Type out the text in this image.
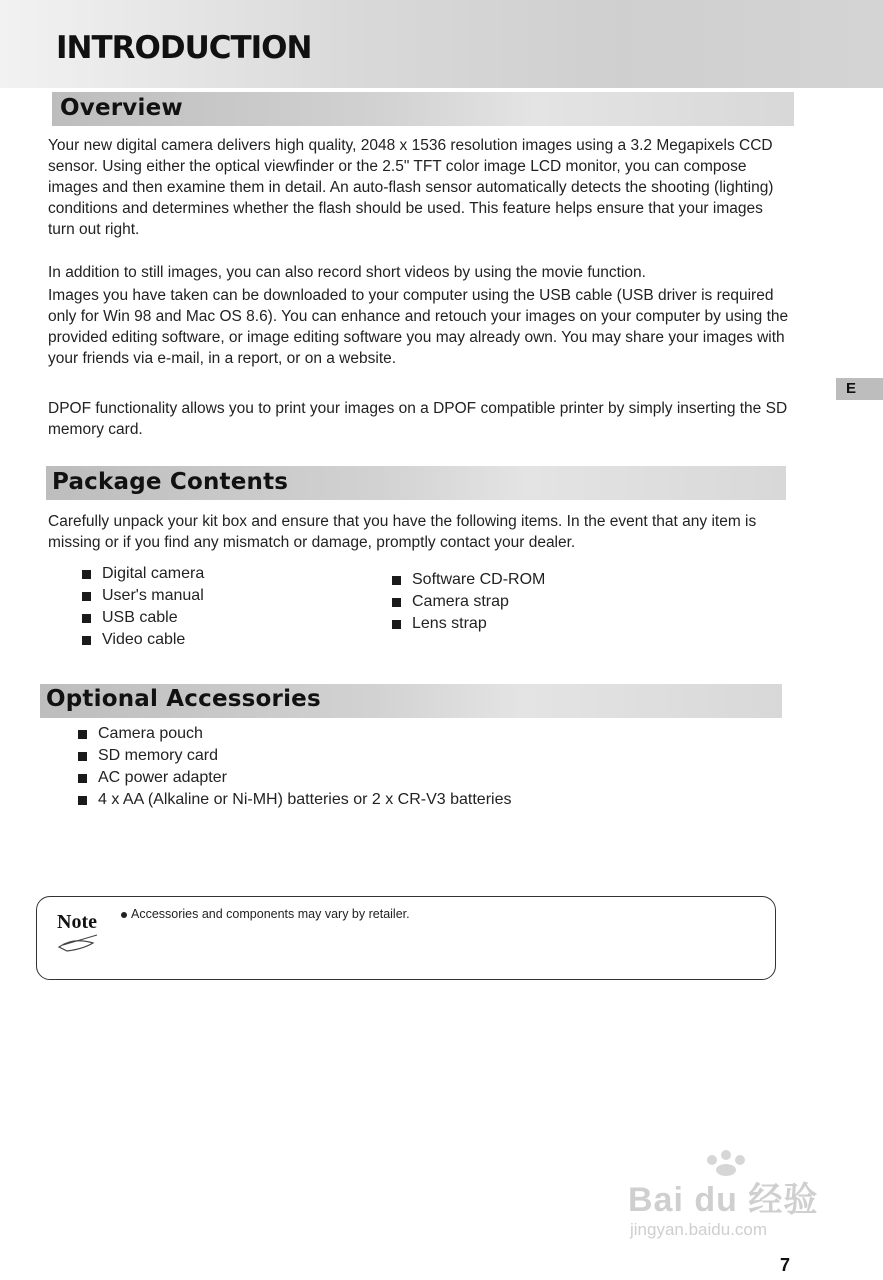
INTRODUCTION
Overview

Your new digital camera delivers high quality, 2048 x 1536 resolution images using a 3.2 Megapixels CCD sensor. Using either the optical viewfinder or the 2.5" TFT color image LCD monitor, you can compose images and then examine them in detail. An auto-flash sensor automatically detects the shooting (lighting) conditions and determines whether the flash should be used. This feature helps ensure that your images turn out right.

In addition to still images, you can also record short videos by using the movie function.

Images you have taken can be downloaded to your computer using the USB cable (USB driver is required only for Win 98 and Mac OS 8.6). You can enhance and retouch your images on your computer by using the provided editing software, or image editing software you may already own. You may share your images with your friends via e-mail, in a report, or on a website.

DPOF functionality allows you to print your images on a DPOF compatible printer by simply inserting the SD memory card.

E
Package Contents

Carefully unpack your kit box and ensure that you have the following items. In the event that any item is missing or if you find any mismatch or damage, promptly contact your dealer.

Digital camera
User's manual
USB cable
Video cable
Software CD-ROM
Camera strap
Lens strap
Optional Accessories
Camera pouch
SD memory card
AC power adapter
4 x AA (Alkaline or Ni-MH) batteries or 2 x CR-V3 batteries
Note	Accessories and components may vary by retailer.
Bai du 经验
jingyan.baidu.com
7
